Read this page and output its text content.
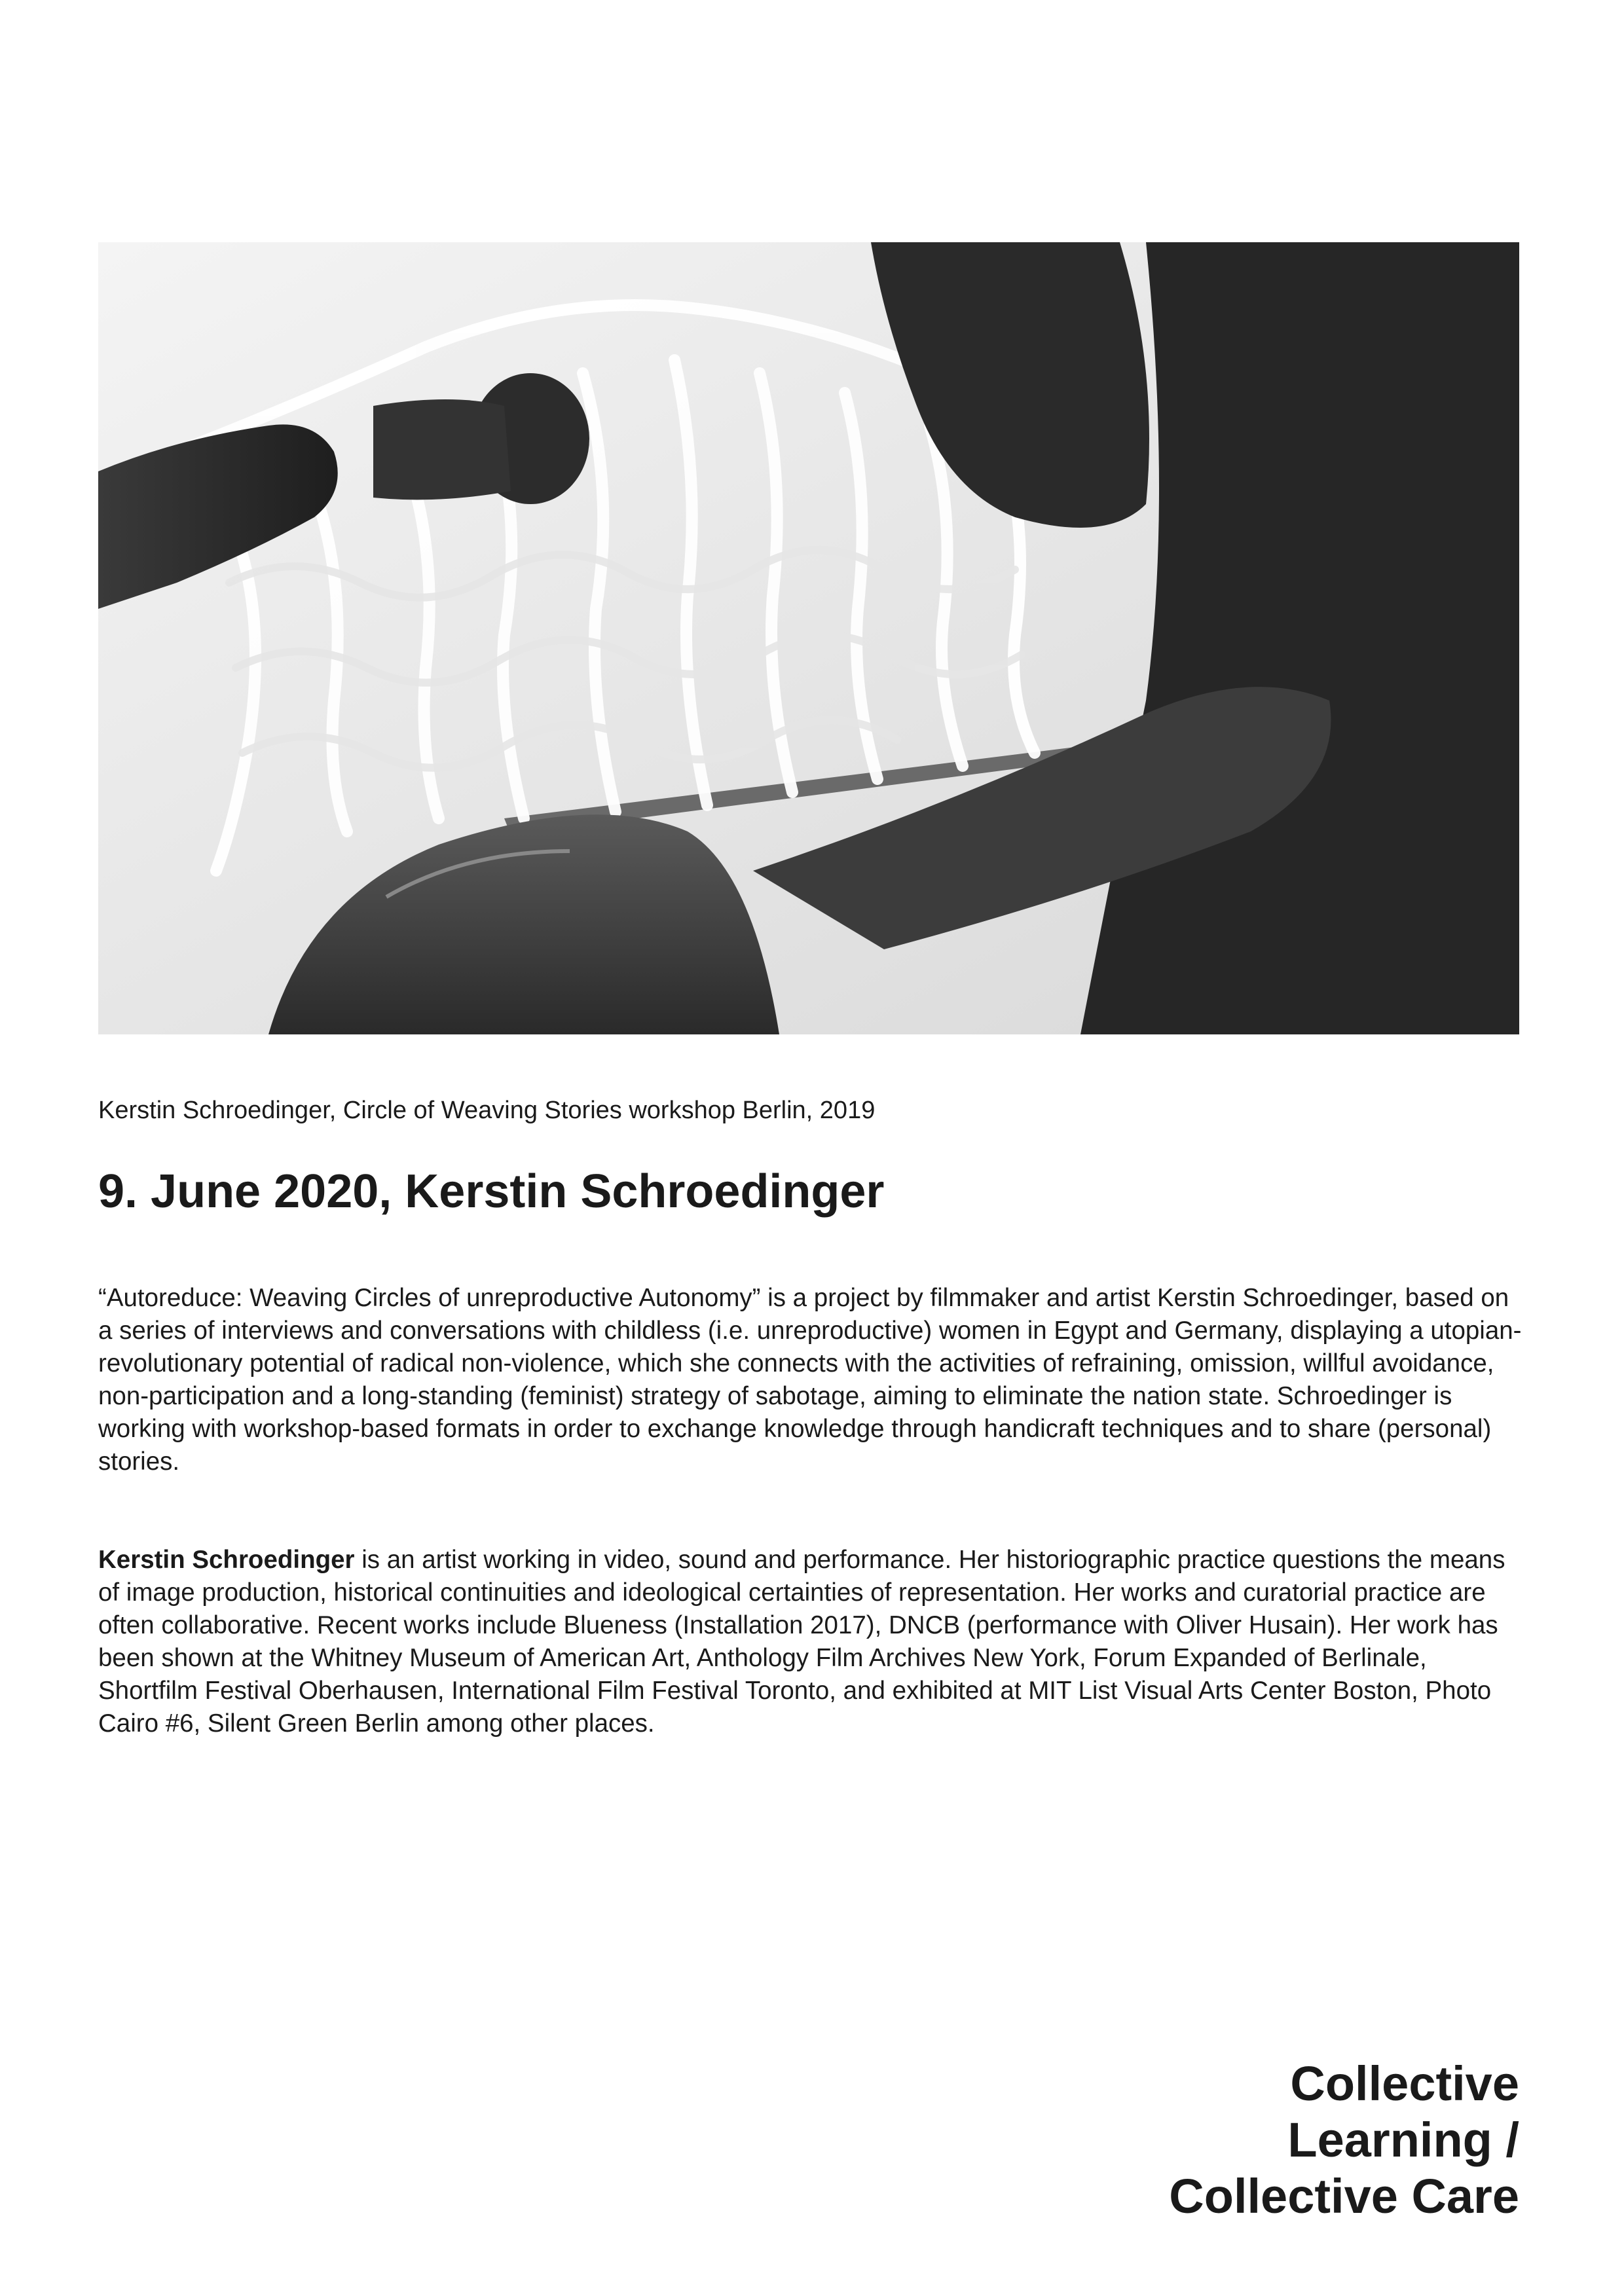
Kerstin Schroedinger, Circle of Weaving Stories workshop Berlin, 2019
9. June 2020, Kerstin Schroedinger

“Autoreduce: Weaving Circles of unreproductive Autonomy” is a project by filmmaker and artist Kerstin Schroedinger, based on a series of interviews and conversations with childless (i.e. unreproductive) women in Egypt and Germany, displaying a utopian-revolutionary potential of radical non-violence, which she connects with the activities of refraining, omission, willful avoidance, non-participation and a long-standing (feminist) strategy of sabotage, aiming to eliminate the nation state. Schroedinger is working with workshop-based formats in order to exchange knowledge through handicraft techniques and to share (personal) stories.

Kerstin Schroedinger is an artist working in video, sound and performance. Her historiographic practice questions the means of image production, historical continuities and ideological certainties of representation. Her works and curatorial practice are often collaborative. Recent works include Blueness (Installation 2017), DNCB (performance with Oliver Husain). Her work has been shown at the Whitney Museum of American Art, Anthology Film Archives New York, Forum Expanded of Berlinale, Shortfilm Festival Oberhausen, International Film Festival Toronto, and exhibited at MIT List Visual Arts Center Boston, Photo Cairo #6, Silent Green Berlin among other places.

Collective
Learning /
Collective Care
